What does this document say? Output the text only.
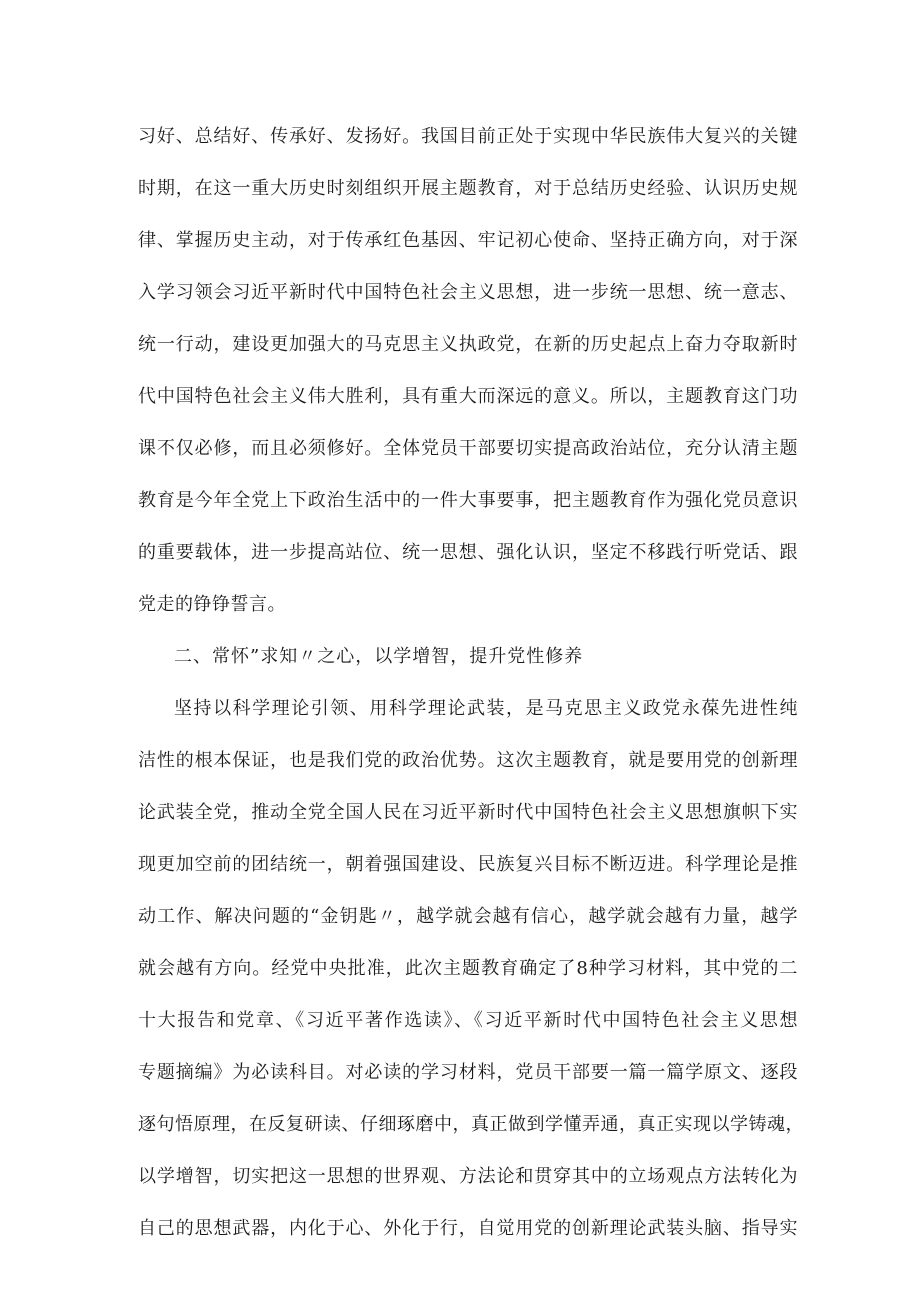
习好、总结好、传承好、发扬好。我国目前正处于实现中华民族伟大复兴的关键
时期，在这一重大历史时刻组织开展主题教育，对于总结历史经验、认识历史规
律、掌握历史主动，对于传承红色基因、牢记初心使命、坚持正确方向，对于深
入学习领会习近平新时代中国特色社会主义思想，进一步统一思想、统一意志、
统一行动，建设更加强大的马克思主义执政党，在新的历史起点上奋力夺取新时
代中国特色社会主义伟大胜利，具有重大而深远的意义。所以，主题教育这门功
课不仅必修，而且必须修好。全体党员干部要切实提高政治站位，充分认清主题
教育是今年全党上下政治生活中的一件大事要事，把主题教育作为强化党员意识
的重要载体，进一步提高站位、统一思想、强化认识，坚定不移践行听党话、跟
党走的铮铮誓言。
二、常怀”求知〃之心，以学增智，提升党性修养
坚持以科学理论引领、用科学理论武装，是马克思主义政党永葆先进性纯
洁性的根本保证，也是我们党的政治优势。这次主题教育，就是要用党的创新理
论武装全党，推动全党全国人民在习近平新时代中国特色社会主义思想旗帜下实
现更加空前的团结统一，朝着强国建设、民族复兴目标不断迈进。科学理论是推
动工作、解决问题的“金钥匙〃，越学就会越有信心，越学就会越有力量，越学
就会越有方向。经党中央批准，此次主题教育确定了8种学习材料，其中党的二
十大报告和党章、《习近平著作选读》、《习近平新时代中国特色社会主义思想
专题摘编》为必读科目。对必读的学习材料，党员干部要一篇一篇学原文、逐段
逐句悟原理，在反复研读、仔细琢磨中，真正做到学懂弄通，真正实现以学铸魂，
以学增智，切实把这一思想的世界观、方法论和贯穿其中的立场观点方法转化为
自己的思想武器，内化于心、外化于行，自觉用党的创新理论武装头脑、指导实
